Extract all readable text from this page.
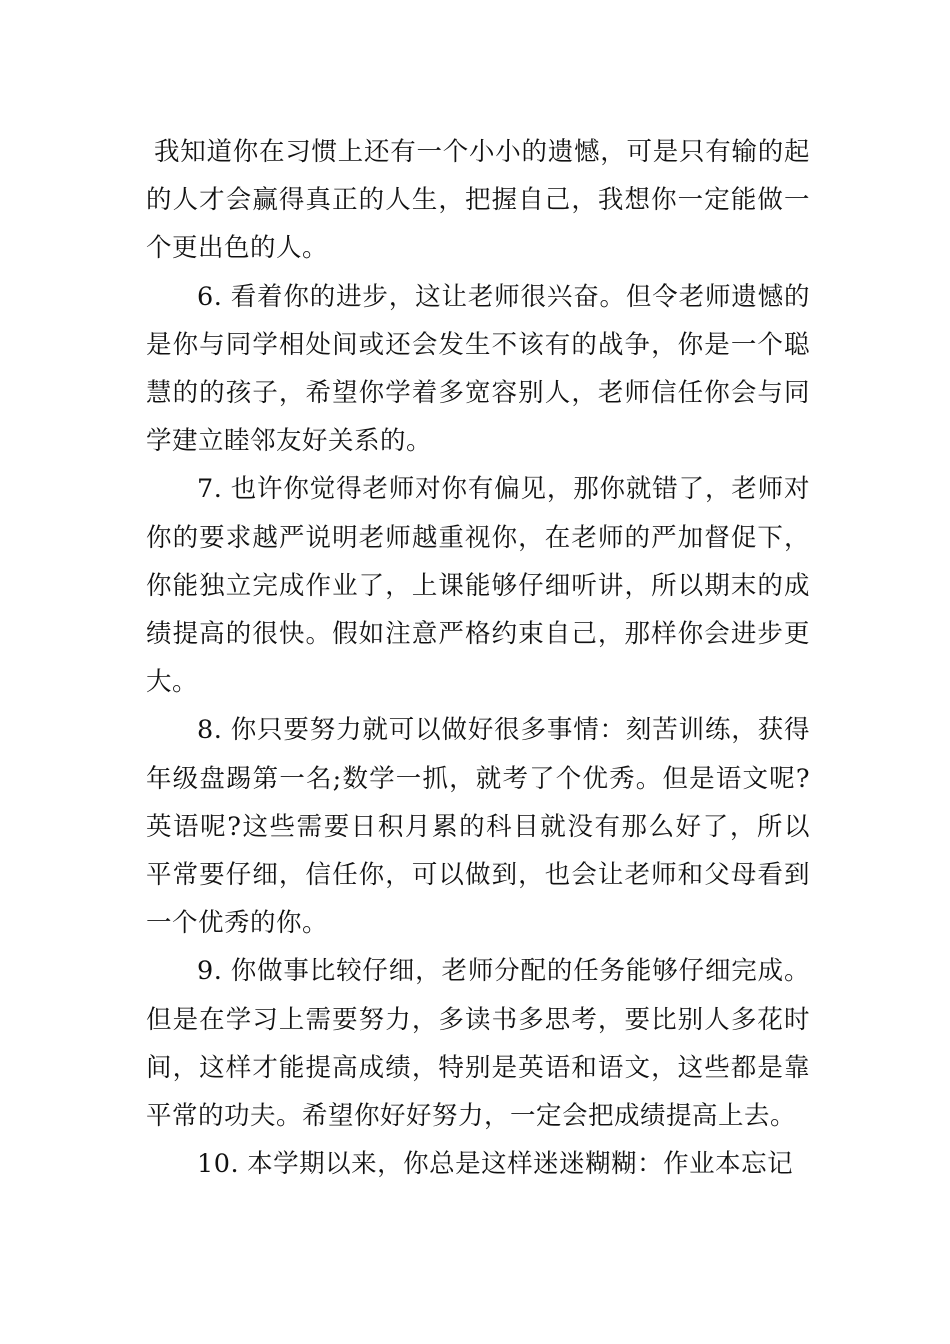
我知道你在习惯上还有一个小小的遗憾，可是只有输的起的人才会赢得真正的人生，把握自己，我想你一定能做一个更出色的人。

6. 看着你的进步，这让老师很兴奋。但令老师遗憾的是你与同学相处间或还会发生不该有的战争，你是一个聪慧的的孩子，希望你学着多宽容别人，老师信任你会与同学建立睦邻友好关系的。

7. 也许你觉得老师对你有偏见，那你就错了，老师对你的要求越严说明老师越重视你，在老师的严加督促下，你能独立完成作业了，上课能够仔细听讲，所以期末的成绩提高的很快。假如注意严格约束自己，那样你会进步更大。

8. 你只要努力就可以做好很多事情：刻苦训练，获得年级盘踢第一名;数学一抓，就考了个优秀。但是语文呢?英语呢?这些需要日积月累的科目就没有那么好了，所以平常要仔细，信任你，可以做到，也会让老师和父母看到一个优秀的你。

9. 你做事比较仔细，老师分配的任务能够仔细完成。但是在学习上需要努力，多读书多思考，要比别人多花时间，这样才能提高成绩，特别是英语和语文，这些都是靠平常的功夫。希望你好好努力，一定会把成绩提高上去。

10. 本学期以来，你总是这样迷迷糊糊：作业本忘记
